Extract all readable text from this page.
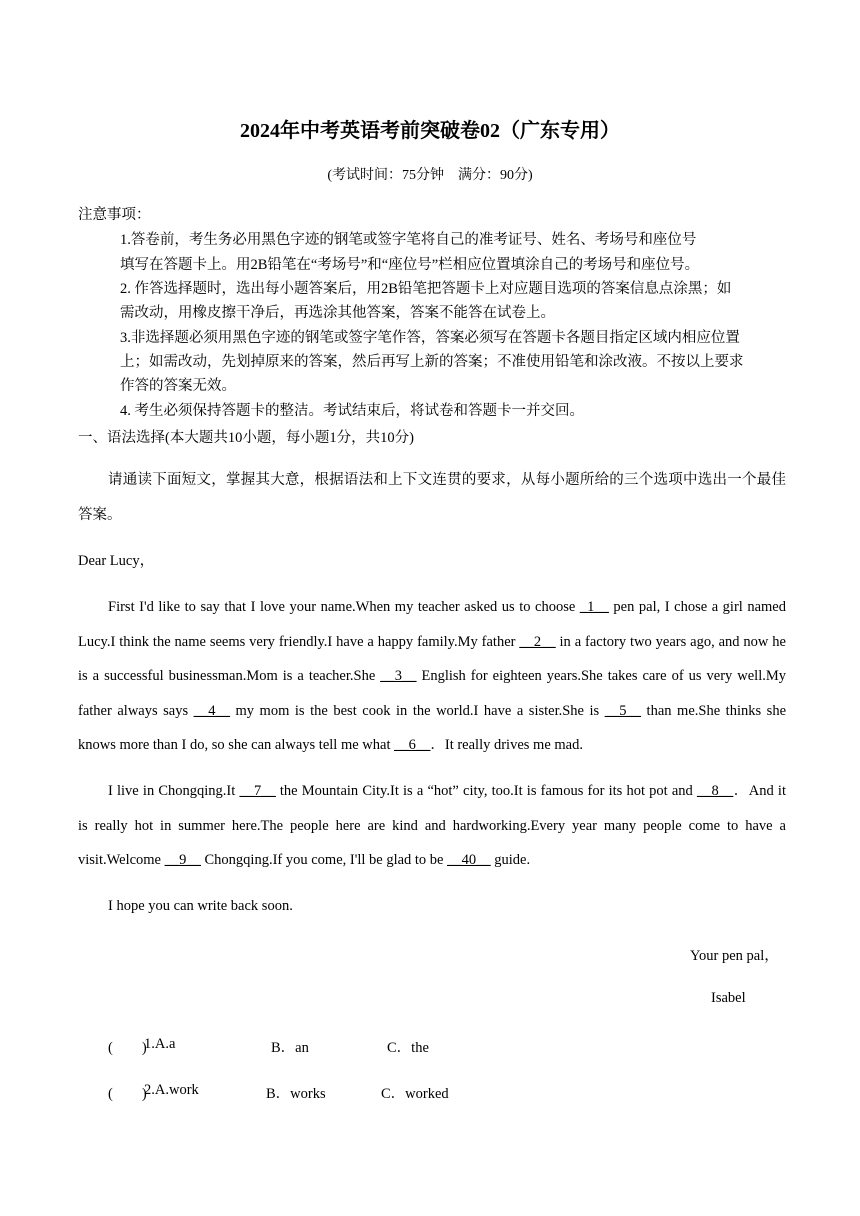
2024年中考英语考前突破卷02（广东专用）
(考试时间：75分钟　满分：90分)
注意事项：
1.答卷前，考生务必用黑色字迹的钢笔或签字笔将自己的准考证号、姓名、考场号和座位号
填写在答题卡上。用2B铅笔在“考场号”和“座位号”栏相应位置填涂自己的考场号和座位号。
2. 作答选择题时，选出每小题答案后，用2B铅笔把答题卡上对应题目选项的答案信息点涂黑；如
需改动，用橡皮擦干净后，再选涂其他答案，答案不能答在试卷上。
3.非选择题必须用黑色字迹的钢笔或签字笔作答，答案必须写在答题卡各题目指定区域内相应位置
上；如需改动，先划掉原来的答案，然后再写上新的答案；不准使用铅笔和涂改液。不按以上要求
作答的答案无效。
4. 考生必须保持答题卡的整洁。考试结束后，将试卷和答题卡一并交回。
一、语法选择(本大题共10小题，每小题1分，共10分)
请通读下面短文，掌握其大意，根据语法和上下文连贯的要求，从每小题所给的三个选项中选出一个最佳答案。
Dear Lucy，
First I'd like to say that I love your name.When my teacher asked us to choose _1__ pen pal, I chose a girl named Lucy.I think the name seems very friendly.I have a happy family.My father __2__ in a factory two years ago, and now he is a successful businessman.Mom is a teacher.She __3__ English for eighteen years.She takes care of us very well.My father always says __4__ my mom is the best cook in the world.I have a sister.She is __5__ than me.She thinks she knows more than I do, so she can always tell me what __6__．It really drives me mad.
I live in Chongqing.It __7__ the Mountain City.It is a “hot” city, too.It is famous for its hot pot and __8__．And it is really hot in summer here.The people here are kind and hardworking.Every year many people come to have a visit.Welcome __9__ Chongqing.If you come, I'll be glad to be __40__ guide.
I hope you can write back soon.
Your pen pal，
Isabel
(　　)
1.A.a	B．an	C．the
(　　)
2.A.work	B．works	C．worked
